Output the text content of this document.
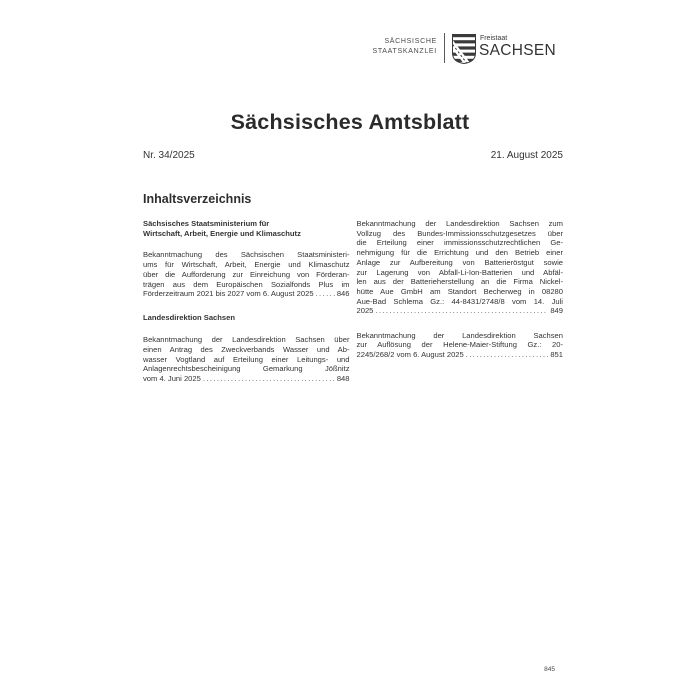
SÄCHSISCHE
STAATSKANZLEI
Freistaat
SACHSEN
Sächsisches Amtsblatt
Nr. 34/2025	21. August 2025
Inhaltsverzeichnis
Sächsisches Staatsministerium für
Wirtschaft, Arbeit, Energie und Klimaschutz
Bekanntmachung des Sächsischen Staatsministeri-
ums für Wirtschaft, Arbeit, Energie und Klimaschutz
über die Aufforderung zur Einreichung von Förderan-
trägen aus dem Europäischen Sozialfonds Plus im
Förderzeitraum 2021 bis 2027 vom 6. August 2025 .....	846
Landesdirektion Sachsen
Bekanntmachung der Landesdirektion Sachsen über
einen Antrag des Zweckverbands Wasser und Ab-
wasser Vogtland auf Erteilung einer Leitungs- und
Anlagenrechtsbescheinigung Gemarkung Jößnitz
vom 4. Juni 2025 .....	848
Bekanntmachung der Landesdirektion Sachsen zum
Vollzug des Bundes-Immissionsschutzgesetzes über
die Erteilung einer immissionsschutzrechtlichen Ge-
nehmigung für die Errichtung und den Betrieb einer
Anlage zur Aufbereitung von Batterieröstgut sowie
zur Lagerung von Abfall-Li-Ion-Batterien und Abfäl-
len aus der Batterieherstellung an die Firma Nickel-
hütte Aue GmbH am Standort Becherweg in 08280
Aue-Bad Schlema Gz.: 44-8431/2748/8 vom 14. Juli
2025 .....	849
Bekanntmachung der Landesdirektion Sachsen
zur Auflösung der Helene-Maier-Stiftung Gz.: 20-
2245/268/2 vom 6. August 2025 .....	851
845
